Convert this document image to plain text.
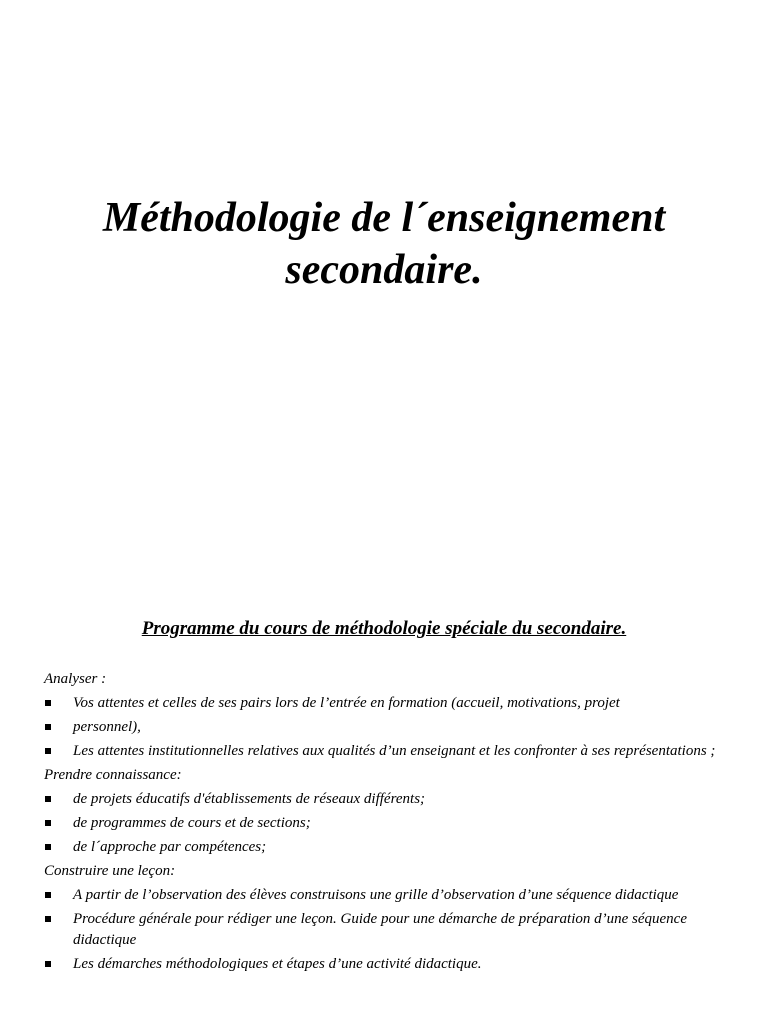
Méthodologie de l´enseignement
secondaire.
Programme du cours de méthodologie spéciale du secondaire.
Analyser :
Vos attentes et celles de ses pairs lors de l’entrée en formation (accueil, motivations, projet
personnel),
Les attentes institutionnelles relatives aux qualités d’un enseignant et les confronter à ses représentations ;
Prendre connaissance:
de projets éducatifs d'établissements de réseaux différents;
de programmes de cours et de sections;
de l´approche par compétences;
Construire une leçon:
A partir de l’observation des élèves construisons une grille d’observation d’une séquence didactique
Procédure générale pour rédiger une leçon. Guide pour une démarche de préparation d’une séquence didactique
Les démarches méthodologiques et étapes d’une activité didactique.
